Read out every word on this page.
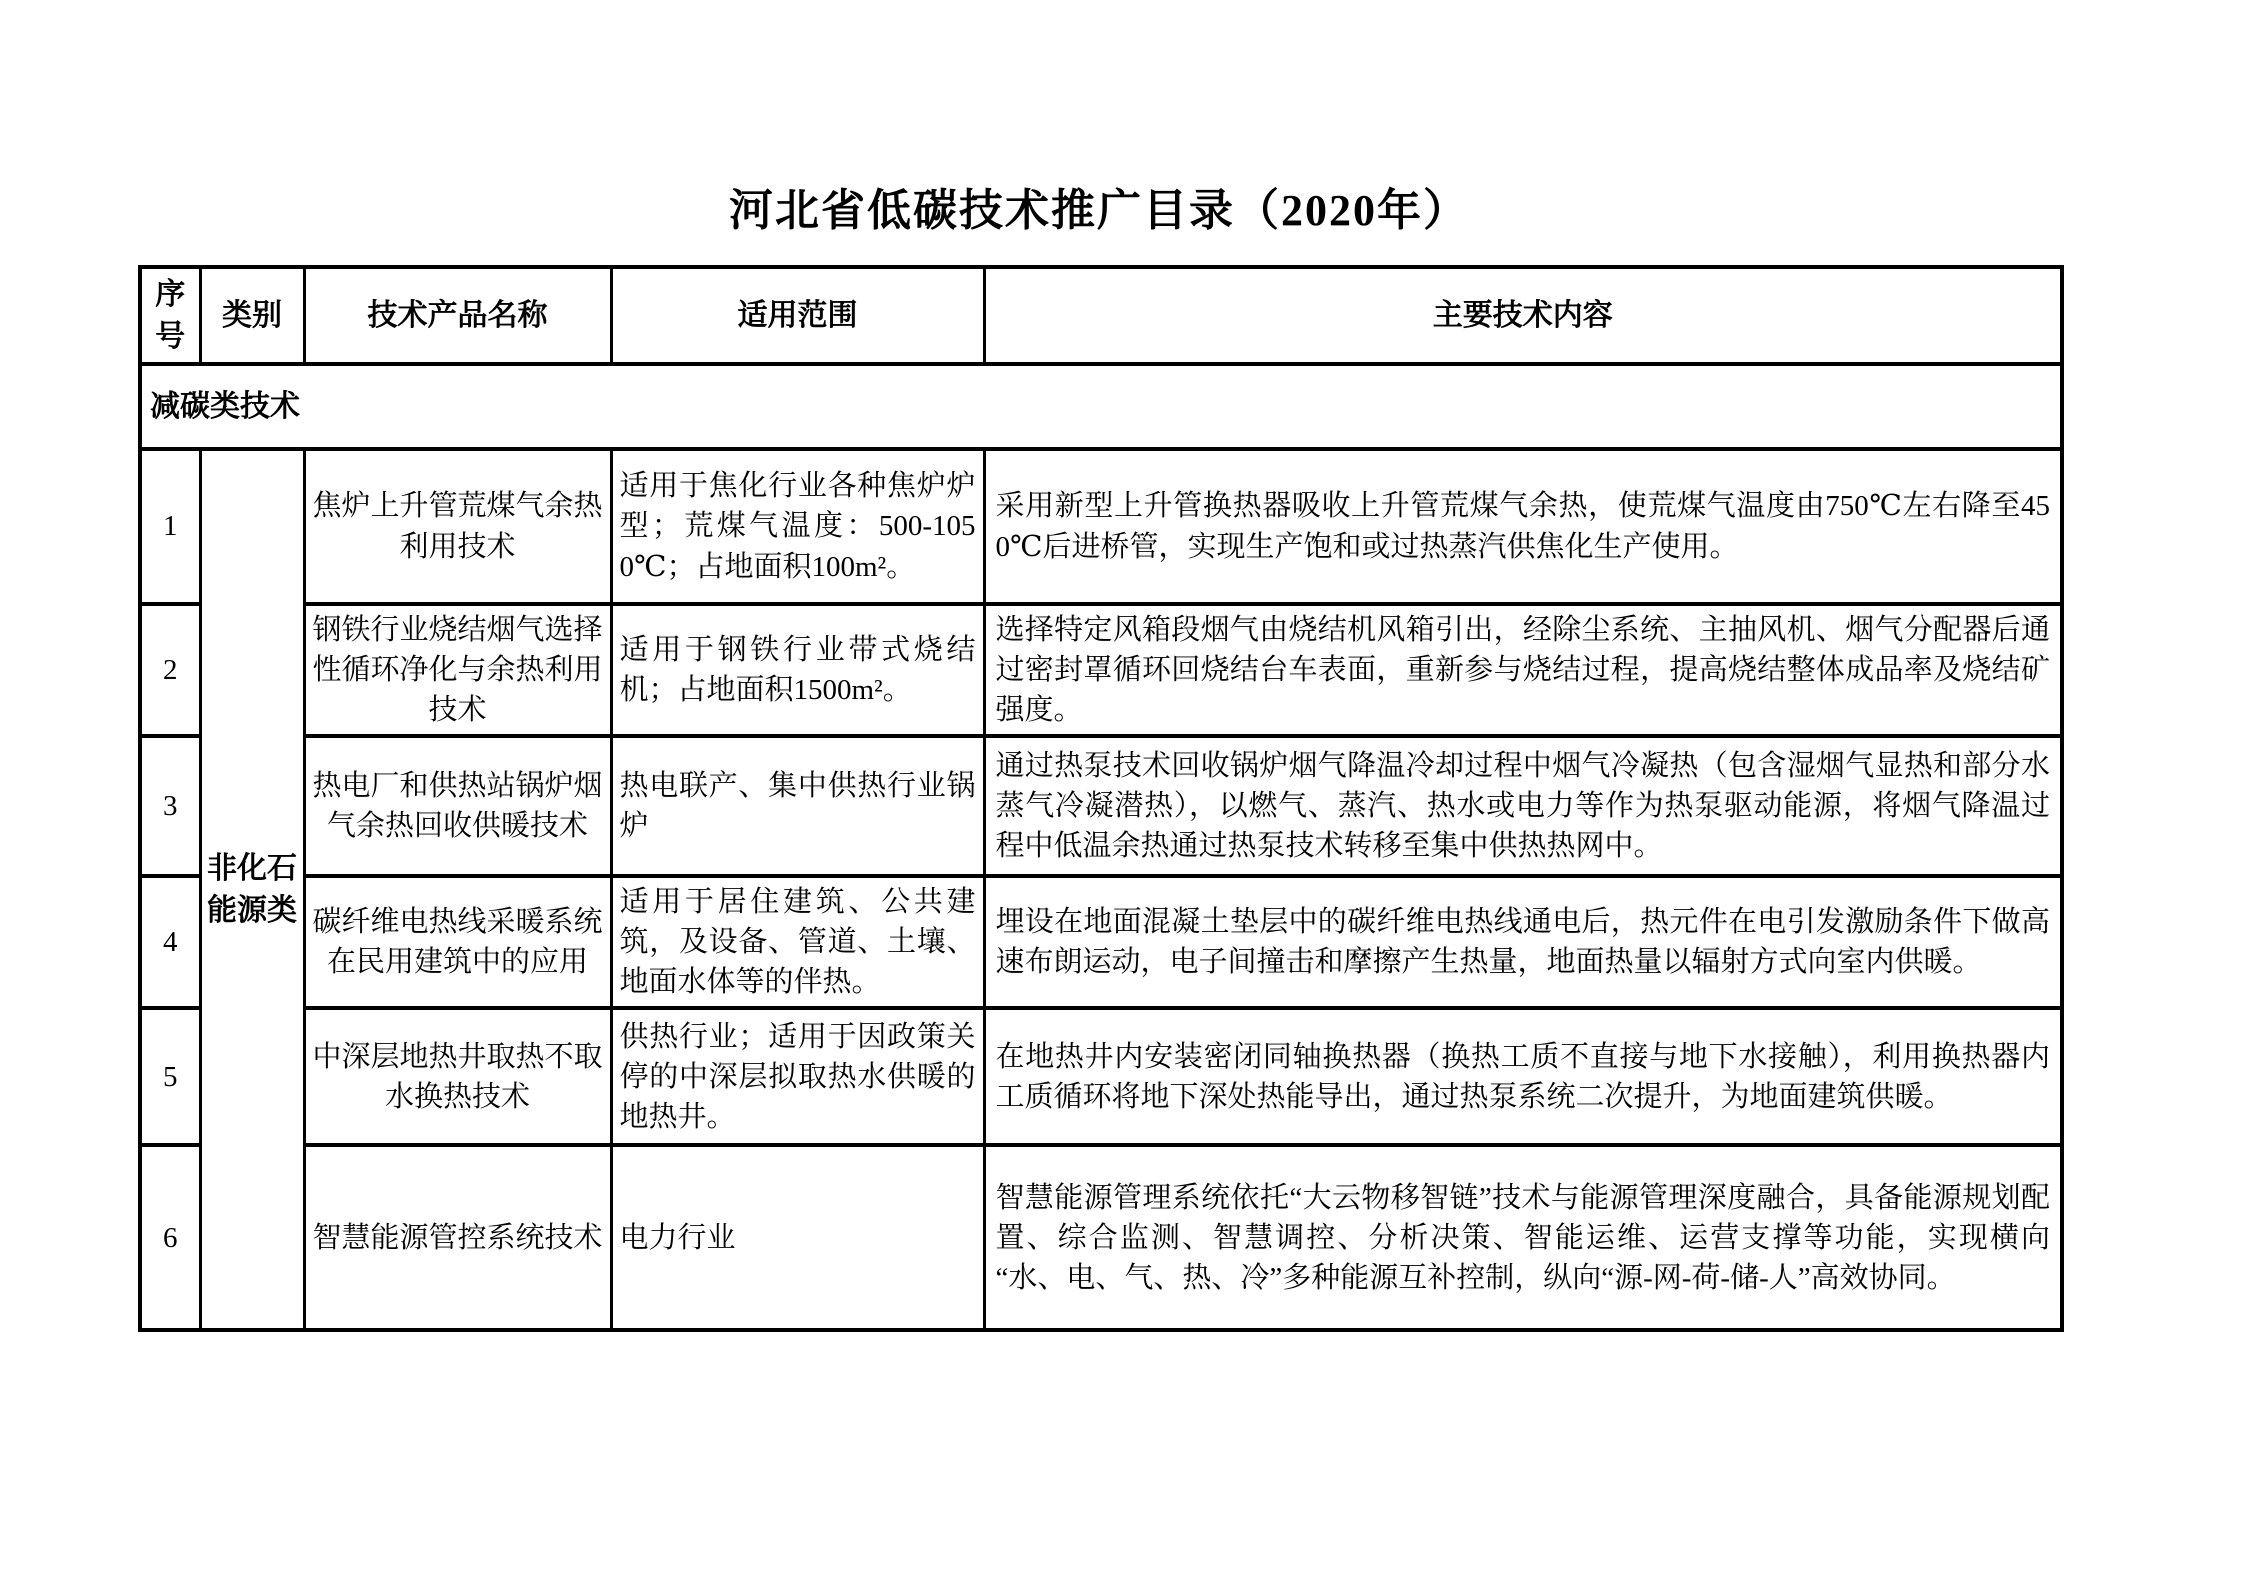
河北省低碳技术推广目录（2020年）
序号	类别	技术产品名称	适用范围	主要技术内容
减碳类技术				
1	非化石能源类	焦炉上升管荒煤气余热利用技术	适用于焦化行业各种焦炉炉型；荒煤气温度：500-1050℃；占地面积100m²。	采用新型上升管换热器吸收上升管荒煤气余热，使荒煤气温度由750℃左右降至450℃后进桥管，实现生产饱和或过热蒸汽供焦化生产使用。
2		钢铁行业烧结烟气选择性循环净化与余热利用技术	适用于钢铁行业带式烧结机；占地面积1500m²。	选择特定风箱段烟气由烧结机风箱引出，经除尘系统、主抽风机、烟气分配器后通过密封罩循环回烧结台车表面，重新参与烧结过程，提高烧结整体成品率及烧结矿强度。
3		热电厂和供热站锅炉烟气余热回收供暖技术	热电联产、集中供热行业锅炉	通过热泵技术回收锅炉烟气降温冷却过程中烟气冷凝热（包含湿烟气显热和部分水蒸气冷凝潜热），以燃气、蒸汽、热水或电力等作为热泵驱动能源，将烟气降温过程中低温余热通过热泵技术转移至集中供热热网中。
4		碳纤维电热线采暖系统在民用建筑中的应用	适用于居住建筑、公共建筑，及设备、管道、土壤、地面水体等的伴热。	埋设在地面混凝土垫层中的碳纤维电热线通电后，热元件在电引发激励条件下做高速布朗运动，电子间撞击和摩擦产生热量，地面热量以辐射方式向室内供暖。
5		中深层地热井取热不取水换热技术	供热行业；适用于因政策关停的中深层拟取热水供暖的地热井。	在地热井内安装密闭同轴换热器（换热工质不直接与地下水接触），利用换热器内工质循环将地下深处热能导出，通过热泵系统二次提升，为地面建筑供暖。
6		智慧能源管控系统技术	电力行业	智慧能源管理系统依托“大云物移智链”技术与能源管理深度融合，具备能源规划配置、综合监测、智慧调控、分析决策、智能运维、运营支撑等功能，实现横向“水、电、气、热、冷”多种能源互补控制，纵向“源-网-荷-储-人”高效协同。
